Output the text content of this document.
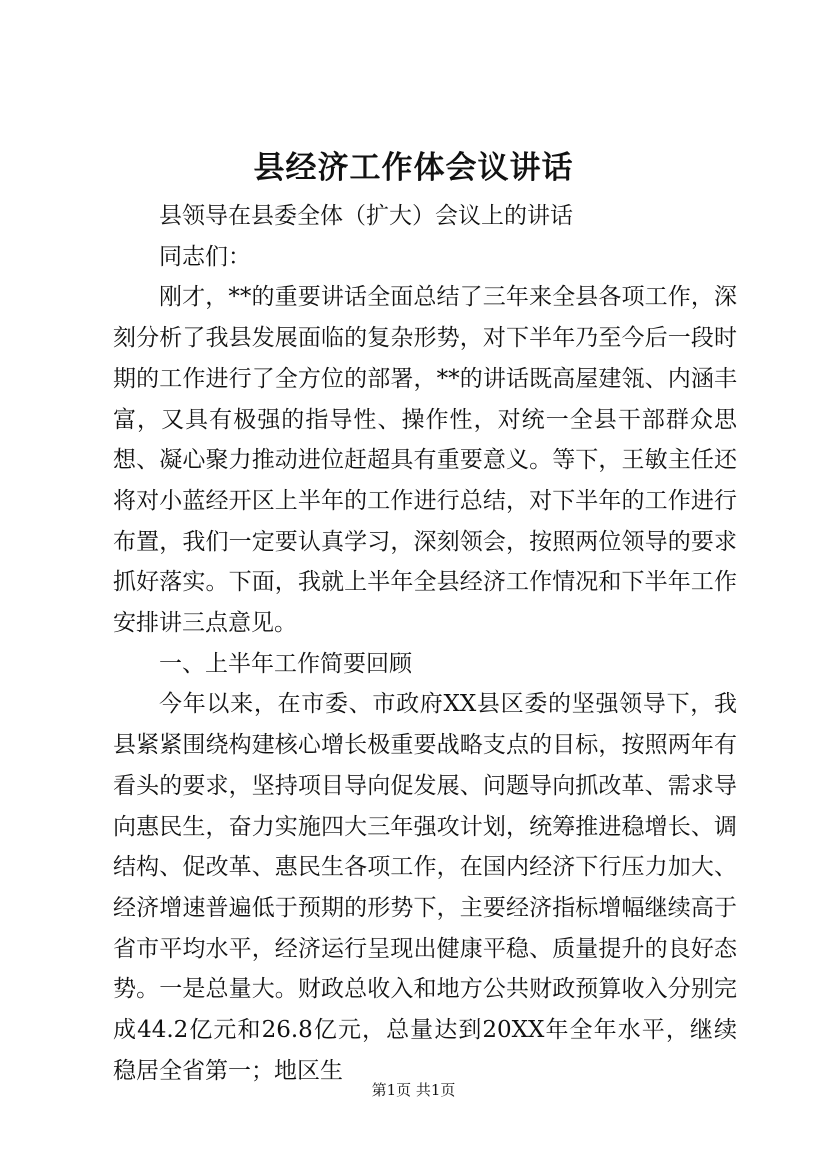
县经济工作体会议讲话

县领导在县委全体（扩大）会议上的讲话

同志们：

刚才，**的重要讲话全面总结了三年来全县各项工作，深刻分析了我县发展面临的复杂形势，对下半年乃至今后一段时期的工作进行了全方位的部署，**的讲话既高屋建瓴、内涵丰富，又具有极强的指导性、操作性，对统一全县干部群众思想、凝心聚力推动进位赶超具有重要意义。等下，王敏主任还将对小蓝经开区上半年的工作进行总结，对下半年的工作进行布置，我们一定要认真学习，深刻领会，按照两位领导的要求抓好落实。下面，我就上半年全县经济工作情况和下半年工作安排讲三点意见。

一、上半年工作简要回顾

今年以来，在市委、市政府XX县区委的坚强领导下，我县紧紧围绕构建核心增长极重要战略支点的目标，按照两年有看头的要求，坚持项目导向促发展、问题导向抓改革、需求导向惠民生，奋力实施四大三年强攻计划，统筹推进稳增长、调结构、促改革、惠民生各项工作，在国内经济下行压力加大、经济增速普遍低于预期的形势下，主要经济指标增幅继续高于省市平均水平，经济运行呈现出健康平稳、质量提升的良好态势。一是总量大。财政总收入和地方公共财政预算收入分别完成44.2亿元和26.8亿元，总量达到20XX年全年水平，继续稳居全省第一；地区生

第1页 共1页
